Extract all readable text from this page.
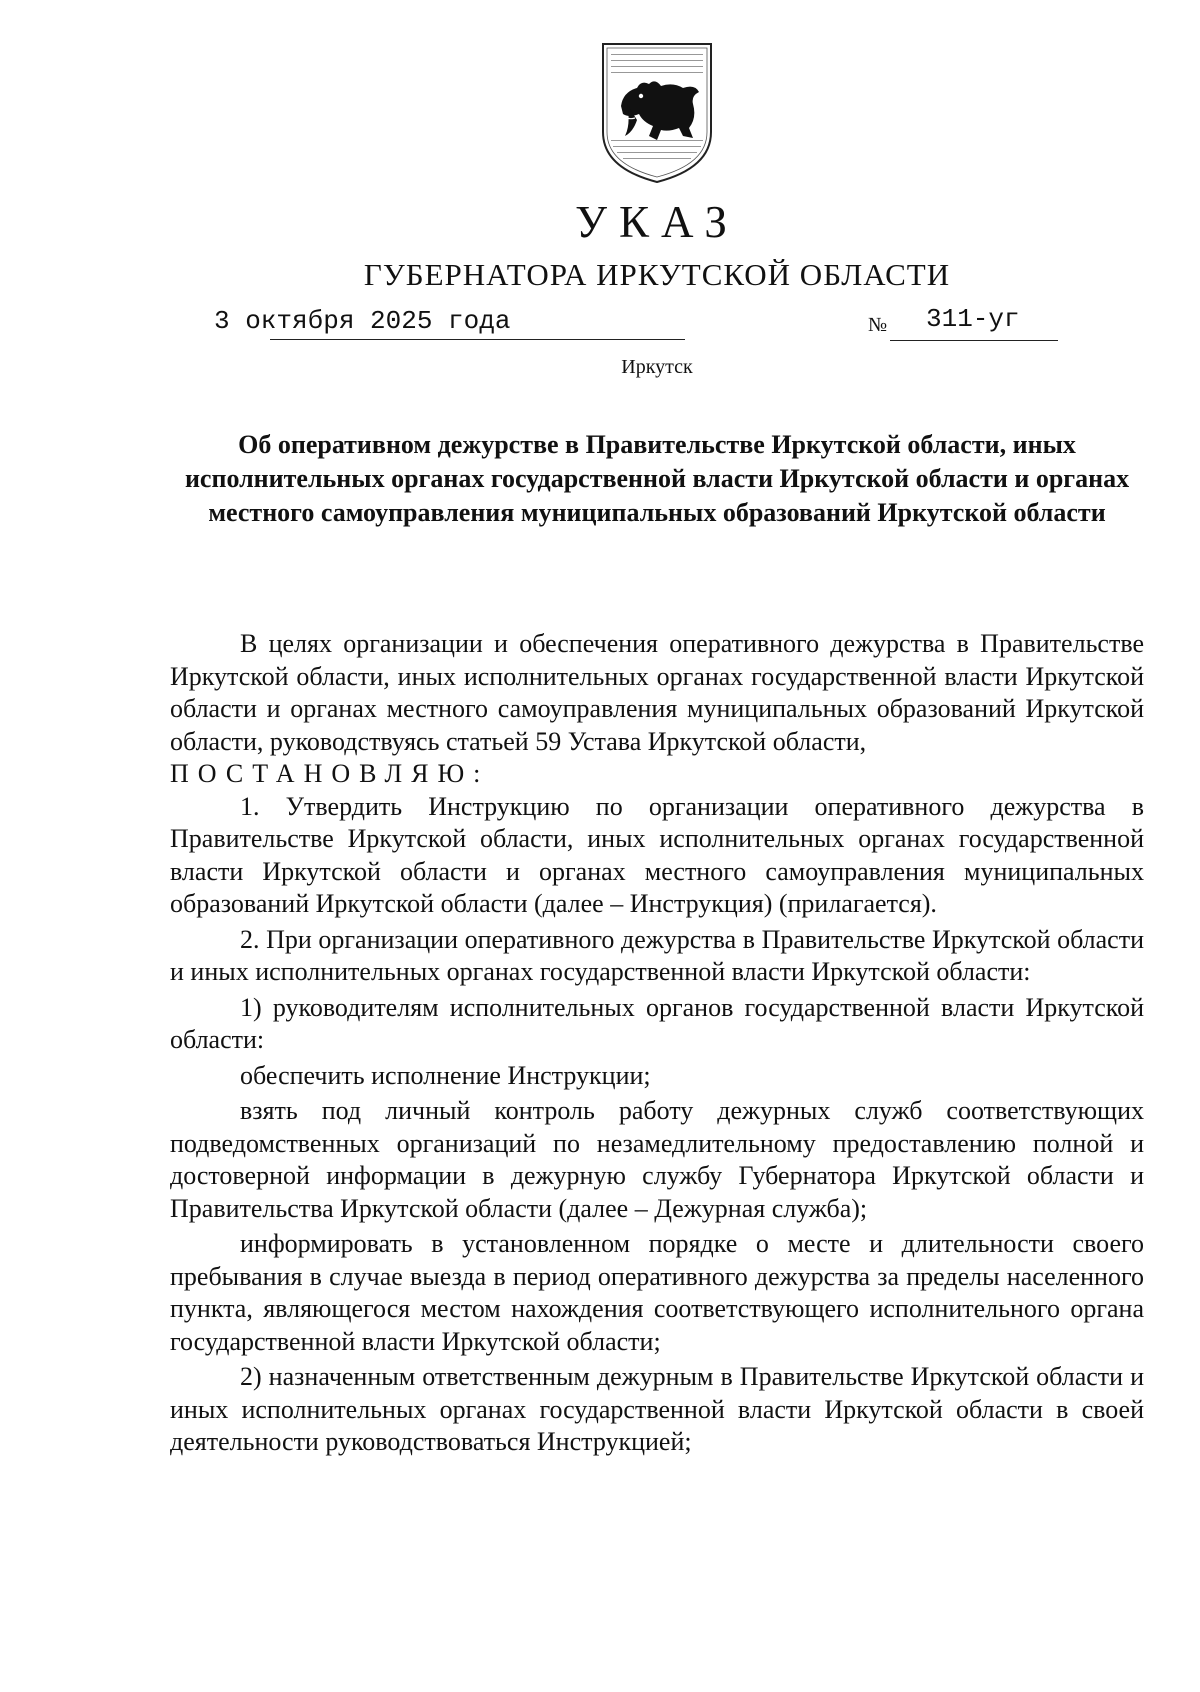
УКАЗ
ГУБЕРНАТОРА ИРКУТСКОЙ ОБЛАСТИ
3 октября 2025 года	№ 311-уг
Иркутск
Об оперативном дежурстве в Правительстве Иркутской области, иных исполнительных органах государственной власти Иркутской области и органах местного самоуправления муниципальных образований Иркутской области

В целях организации и обеспечения оперативного дежурства в Правительстве Иркутской области, иных исполнительных органах государственной власти Иркутской области и органах местного самоуправления муниципальных образований Иркутской области, руководствуясь статьей 59 Устава Иркутской области,

ПОСТАНОВЛЯЮ:

1. Утвердить Инструкцию по организации оперативного дежурства в Правительстве Иркутской области, иных исполнительных органах государственной власти Иркутской области и органах местного самоуправления муниципальных образований Иркутской области (далее – Инструкция) (прилагается).

2. При организации оперативного дежурства в Правительстве Иркутской области и иных исполнительных органах государственной власти Иркутской области:

1) руководителям исполнительных органов государственной власти Иркутской области:

обеспечить исполнение Инструкции;

взять под личный контроль работу дежурных служб соответствующих подведомственных организаций по незамедлительному предоставлению полной и достоверной информации в дежурную службу Губернатора Иркутской области и Правительства Иркутской области (далее – Дежурная служба);

информировать в установленном порядке о месте и длительности своего пребывания в случае выезда в период оперативного дежурства за пределы населенного пункта, являющегося местом нахождения соответствующего исполнительного органа государственной власти Иркутской области;

2) назначенным ответственным дежурным в Правительстве Иркутской области и иных исполнительных органах государственной власти Иркутской области в своей деятельности руководствоваться Инструкцией;
